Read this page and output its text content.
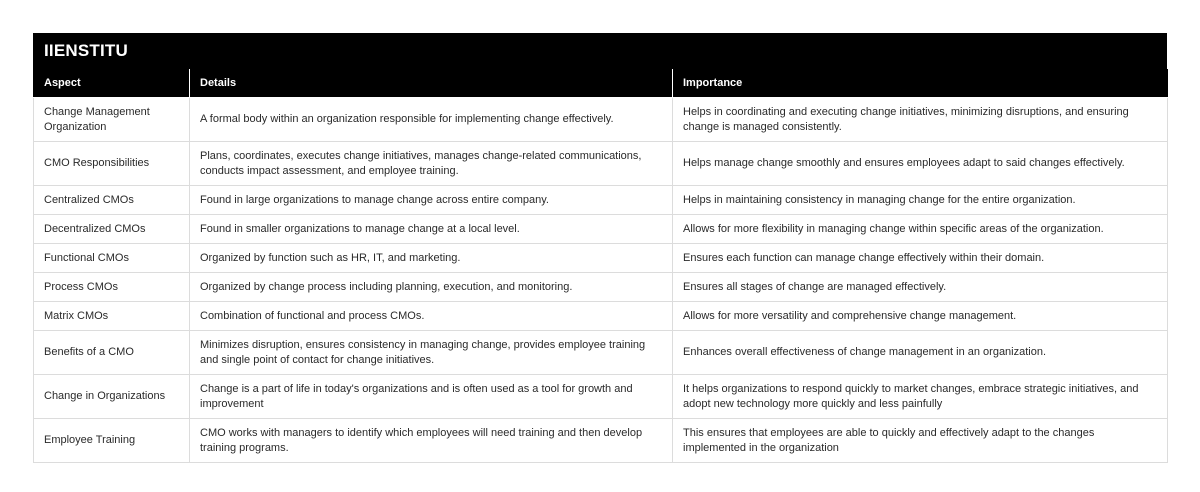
IIENSTITU
Aspect	Details	Importance
Change Management Organization	A formal body within an organization responsible for implementing change effectively.	Helps in coordinating and executing change initiatives, minimizing disruptions, and ensuring change is managed consistently.
CMO Responsibilities	Plans, coordinates, executes change initiatives, manages change-related communications, conducts impact assessment, and employee training.	Helps manage change smoothly and ensures employees adapt to said changes effectively.
Centralized CMOs	Found in large organizations to manage change across entire company.	Helps in maintaining consistency in managing change for the entire organization.
Decentralized CMOs	Found in smaller organizations to manage change at a local level.	Allows for more flexibility in managing change within specific areas of the organization.
Functional CMOs	Organized by function such as HR, IT, and marketing.	Ensures each function can manage change effectively within their domain.
Process CMOs	Organized by change process including planning, execution, and monitoring.	Ensures all stages of change are managed effectively.
Matrix CMOs	Combination of functional and process CMOs.	Allows for more versatility and comprehensive change management.
Benefits of a CMO	Minimizes disruption, ensures consistency in managing change, provides employee training and single point of contact for change initiatives.	Enhances overall effectiveness of change management in an organization.
Change in Organizations	Change is a part of life in today's organizations and is often used as a tool for growth and improvement	It helps organizations to respond quickly to market changes, embrace strategic initiatives, and adopt new technology more quickly and less painfully
Employee Training	CMO works with managers to identify which employees will need training and then develop training programs.	This ensures that employees are able to quickly and effectively adapt to the changes implemented in the organization
